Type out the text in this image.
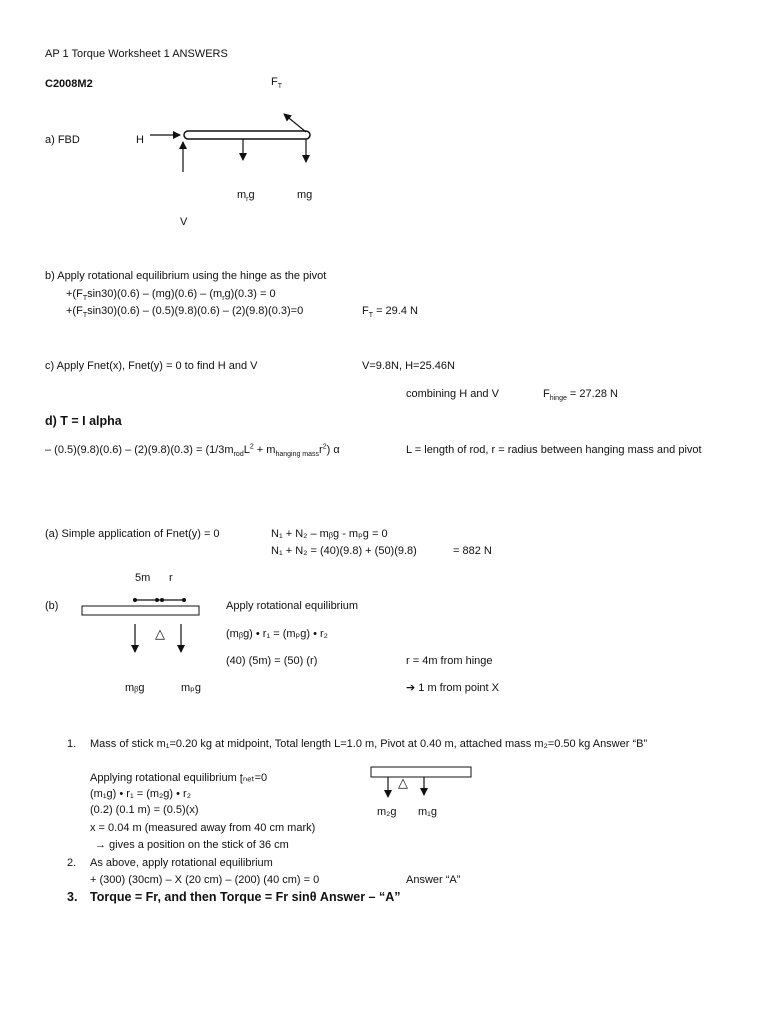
AP 1 Torque Worksheet 1 ANSWERS
C2008M2	$F_T$
a) FBD	H
$m_rg$	mg
V
b) Apply rotational equilibrium using the hinge as the pivot
$+(F_T\sin 30)(0.6) - (mg)(0.6) - (m_rg)(0.3) = 0$
$+(F_T\sin 30)(0.6) - (0.5)(9.8)(0.6) - (2)(9.8)(0.3)=0$	$F_T = 29.4$ N
c) Apply Fnet(x), Fnet(y) = 0 to find H and V	V=9.8N, H=25.46N
combining H and V	$F_{hinge} = 27.28$ N
d) T = I alpha
– $(0.5)(9.8)(0.6) - (2)(9.8)(0.3) = (1/3m_{rod}L^2 + m_{hanging mass}r^2)$ α	L = length of rod, r = radius between hanging mass and pivot
(a) Simple application of Fnet(y) = 0	N₁ + N₂ – mᵦg - mₚg = 0
N₁ + N₂ = (40)(9.8) + (50)(9.8)	= 882 N
5m r
(b)
△
mᵦg	mₚg
Apply rotational equilibrium
(mᵦg) • r₁ = (mₚg) • r₂
(40) (5m) = (50) (r)	r = 4m from hinge
➔ 1 m from point X
1. Mass of stick m₁=0.20 kg at midpoint, Total length L=1.0 m, Pivot at 0.40 m, attached mass m₂=0.50 kg Answer “B”
Applying rotational equilibrium ʈₙₑₜ=0
(m₁g) • r₁ = (m₂g) • r₂
(0.2) (0.1 m) = (0.5)(x)
x = 0.04 m (measured away from 40 cm mark)
→ gives a position on the stick of 36 cm
△
m₂g m₁g
2. As above, apply rotational equilibrium
+ (300) (30cm) – X (20 cm) – (200) (40 cm) = 0	Answer “A”
3. Torque = Fr, and then Torque = Fr sinθ Answer – “A”
